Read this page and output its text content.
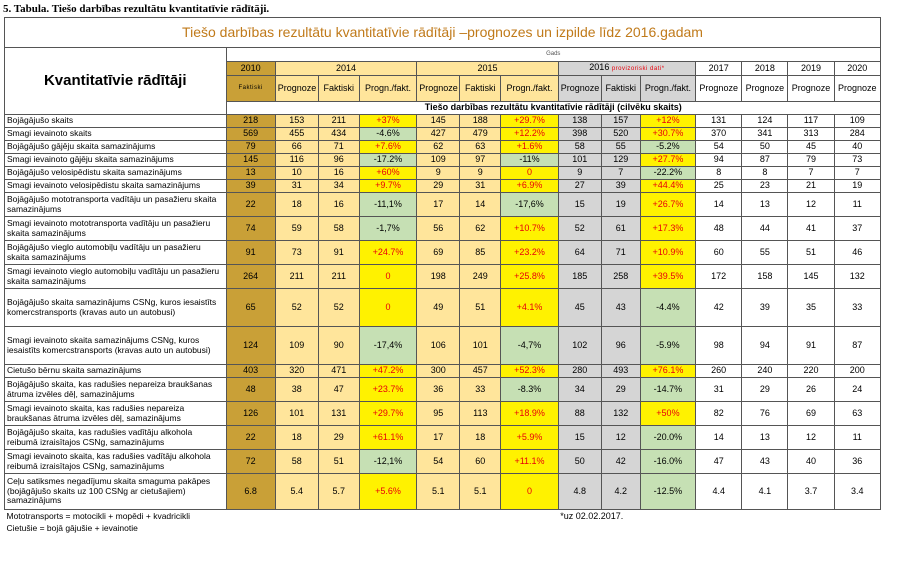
5. Tabula. Tiešo darbības rezultātu kvantitatīvie rādītāji.
Tiešo darbības rezultātu kvantitatīvie rādītāji –prognozes un izpilde līdz 2016.gadam														
Kvantitatīvie rādītāji	Gads													
	2010	2014			2015			2016 provizoriski dati*			2017	2018	2019	2020
	Faktiski	Prognoze	Faktiski	Progn./fakt.	Prognoze	Faktiski	Progn./fakt.	Prognoze	Faktiski	Progn./fakt.	Prognoze	Prognoze	Prognoze	Prognoze
	Tiešo darbības rezultātu kvantitatīvie rādītāji (cilvēku skaits)													
Bojāgājušo skaits	218	153	211	+37%	145	188	+29.7%	138	157	+12%	131	124	117	109
Smagi ievainoto skaits	569	455	434	-4.6%	427	479	+12.2%	398	520	+30.7%	370	341	313	284
Bojāgājušo gājēju skaita samazinājums	79	66	71	+7.6%	62	63	+1.6%	58	55	-5.2%	54	50	45	40
Smagi ievainoto gājēju skaita samazinājums	145	116	96	-17.2%	109	97	-11%	101	129	+27.7%	94	87	79	73
Bojāgājušo velosipēdistu skaita samazinājums	13	10	16	+60%	9	9	0	9	7	-22.2%	8	8	7	7
Smagi ievainoto velosipēdistu skaita samazinājums	39	31	34	+9.7%	29	31	+6.9%	27	39	+44.4%	25	23	21	19
Bojāgājušo mototransporta vadītāju un pasažieru skaita samazinājums	22	18	16	-11,1%	17	14	-17,6%	15	19	+26.7%	14	13	12	11
Smagi ievainoto mototransporta vadītāju un pasažieru skaita samazinājums	74	59	58	-1,7%	56	62	+10.7%	52	61	+17.3%	48	44	41	37
Bojāgājušo vieglo automobiļu vadītāju un pasažieru skaita samazinājums	91	73	91	+24.7%	69	85	+23.2%	64	71	+10.9%	60	55	51	46
Smagi ievainoto vieglo automobiļu vadītāju un pasažieru skaita samazinājums	264	211	211	0	198	249	+25.8%	185	258	+39.5%	172	158	145	132
Bojāgājušo skaita samazinājums CSNg, kuros iesaistīts komercstransports (kravas auto un autobusi)	65	52	52	0	49	51	+4.1%	45	43	-4.4%	42	39	35	33
Smagi ievainoto skaita samazinājums CSNg, kuros iesaistīts komercstransports (kravas auto un autobusi)	124	109	90	-17,4%	106	101	-4,7%	102	96	-5.9%	98	94	91	87
Cietušo bērnu skaita samazinājums	403	320	471	+47.2%	300	457	+52.3%	280	493	+76.1%	260	240	220	200
Bojāgājušo skaita, kas radušies nepareiza braukšanas ātruma izvēles dēļ, samazinājums	48	38	47	+23.7%	36	33	-8.3%	34	29	-14.7%	31	29	26	24
Smagi ievainoto skaita, kas radušies nepareiza braukšanas ātruma izvēles dēļ, samazinājums	126	101	131	+29.7%	95	113	+18.9%	88	132	+50%	82	76	69	63
Bojāgājušo skaita, kas radušies vadītāju alkohola reibumā izraisītajos CSNg, samazinājums	22	18	29	+61.1%	17	18	+5.9%	15	12	-20.0%	14	13	12	11
Smagi ievainoto skaita, kas radušies vadītāju alkohola reibumā izraisītajos CSNg, samazinājums	72	58	51	-12,1%	54	60	+11.1%	50	42	-16.0%	47	43	40	36
Ceļu satiksmes negadījumu skaita smaguma pakāpes (bojāgājušo skaits uz 100 CSNg ar cietušajiem) samazinājums	6.8	5.4	5.7	+5.6%	5.1	5.1	0	4.8	4.2	-12.5%	4.4	4.1	3.7	3.4
Mototransports = motocikli + mopēdi + kvadricikli								*uz 02.02.2017.						
Cietušie = bojā gājušie + ievainotie														
